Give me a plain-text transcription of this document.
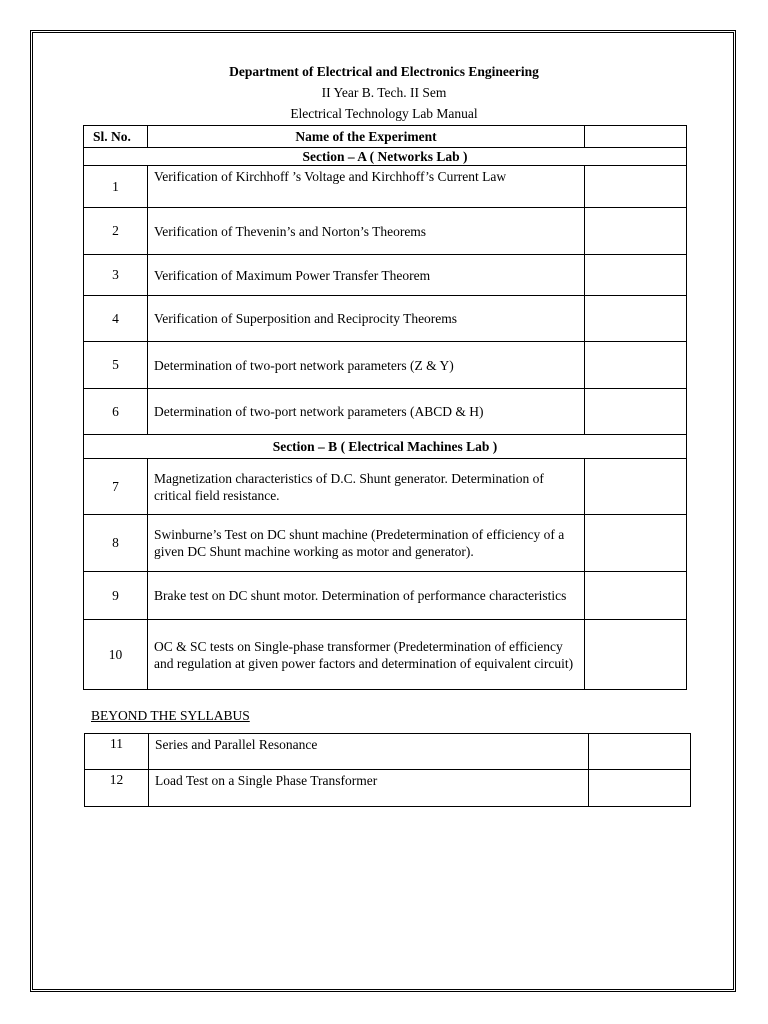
Department of Electrical and Electronics Engineering
II Year B. Tech. II Sem
Electrical Technology Lab Manual
Sl. No.	Name of the Experiment	
Section – A ( Networks Lab )		
1	Verification of Kirchhoff ’s Voltage and Kirchhoff’s Current Law	
2	Verification of Thevenin’s and Norton’s Theorems	
3	Verification of Maximum Power Transfer Theorem	
4	Verification of Superposition and Reciprocity Theorems	
5	Determination of two-port network parameters (Z & Y)	
6	Determination of two-port network parameters (ABCD & H)	
Section – B ( Electrical Machines Lab )		
7	Magnetization characteristics of D.C. Shunt generator. Determination of critical field resistance.	
8	Swinburne’s Test on DC shunt machine (Predetermination of efficiency of a given DC Shunt machine working as motor and generator).	
9	Brake test on DC shunt motor. Determination of performance characteristics	
10	OC & SC tests on Single-phase transformer (Predetermination of efficiency and regulation at given power factors and determination of equivalent circuit)	
BEYOND THE SYLLABUS
11	Series and Parallel Resonance	
12	Load Test on a Single Phase Transformer	
